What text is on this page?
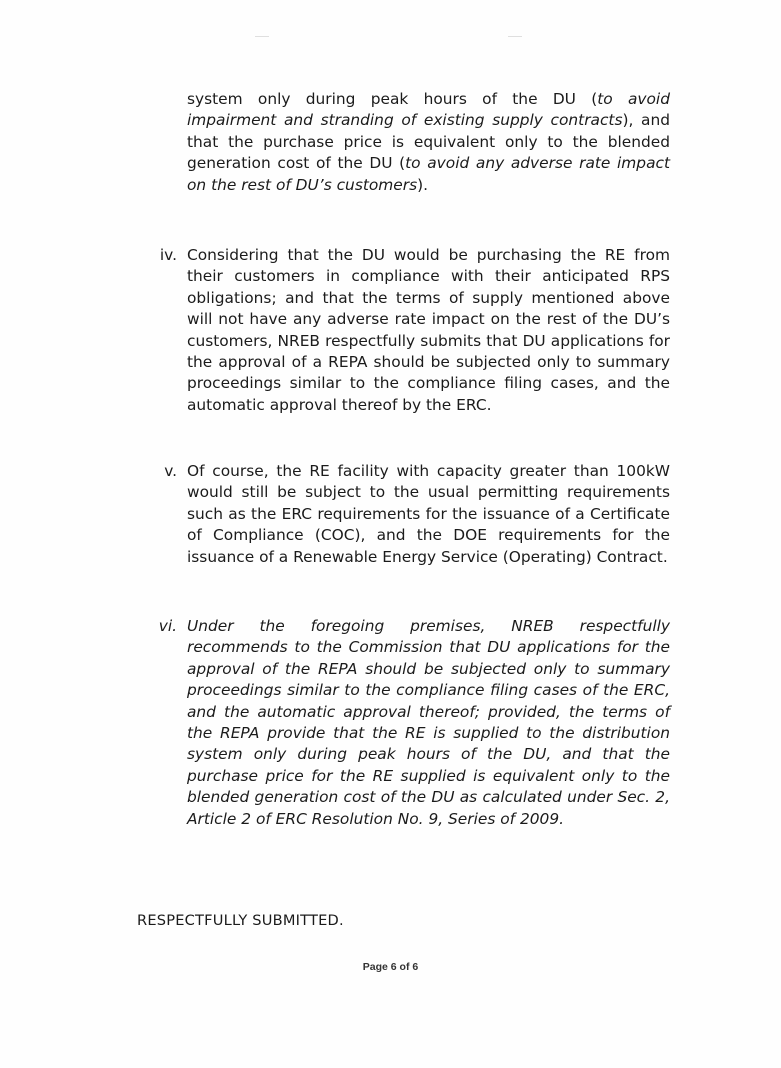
system only during peak hours of the DU (to avoid impairment and stranding of existing supply contracts), and that the purchase price is equivalent only to the blended generation cost of the DU (to avoid any adverse rate impact on the rest of DU’s customers).
iv. Considering that the DU would be purchasing the RE from their customers in compliance with their anticipated RPS obligations; and that the terms of supply mentioned above will not have any adverse rate impact on the rest of the DU’s customers, NREB respectfully submits that DU applications for the approval of a REPA should be subjected only to summary proceedings similar to the compliance filing cases, and the automatic approval thereof by the ERC.
v. Of course, the RE facility with capacity greater than 100kW would still be subject to the usual permitting requirements such as the ERC requirements for the issuance of a Certificate of Compliance (COC), and the DOE requirements for the issuance of a Renewable Energy Service (Operating) Contract.
vi. Under the foregoing premises, NREB respectfully recommends to the Commission that DU applications for the approval of the REPA should be subjected only to summary proceedings similar to the compliance filing cases of the ERC, and the automatic approval thereof; provided, the terms of the REPA provide that the RE is supplied to the distribution system only during peak hours of the DU, and that the purchase price for the RE supplied is equivalent only to the blended generation cost of the DU as calculated under Sec. 2, Article 2 of ERC Resolution No. 9, Series of 2009.
RESPECTFULLY SUBMITTED.
Page 6 of 6
